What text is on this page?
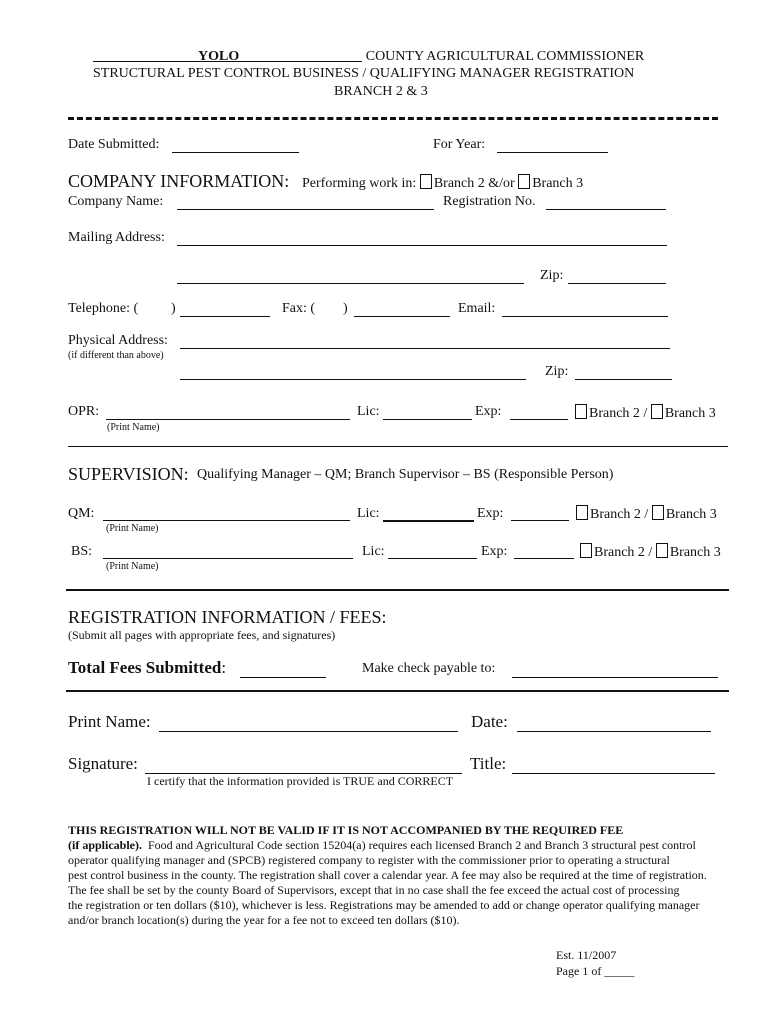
YOLO	COUNTY AGRICULTURAL COMMISSIONER
STRUCTURAL PEST CONTROL BUSINESS / QUALIFYING MANAGER REGISTRATION
BRANCH 2 & 3
Date Submitted:	For Year:
COMPANY INFORMATION: Performing work in: Branch 2 &/or Branch 3
Company Name:	Registration No.
Mailing Address:
Zip:
Telephone: ( )	Fax: ( )	Email:
Physical Address:
(if different than above)
Zip:
OPR:
(Print Name)
Lic:	Exp:	Branch 2 / Branch 3
SUPERVISION: Qualifying Manager – QM; Branch Supervisor – BS (Responsible Person)
QM:
(Print Name)
Lic:	Exp:	Branch 2 / Branch 3
BS:
(Print Name)
Lic:	Exp:	Branch 2 / Branch 3
REGISTRATION INFORMATION / FEES:
(Submit all pages with appropriate fees, and signatures)
Total Fees Submitted:	Make check payable to:
Print Name:	Date:
Signature:	Title:
I certify that the information provided is TRUE and CORRECT

THIS REGISTRATION WILL NOT BE VALID IF IT IS NOT ACCOMPANIED BY THE REQUIRED FEE

(if applicable). Food and Agricultural Code section 15204(a) requires each licensed Branch 2 and Branch 3 structural pest control

operator qualifying manager and (SPCB) registered company to register with the commissioner prior to operating a structural

pest control business in the county. The registration shall cover a calendar year. A fee may also be required at the time of registration.

The fee shall be set by the county Board of Supervisors, except that in no case shall the fee exceed the actual cost of processing

the registration or ten dollars ($10), whichever is less. Registrations may be amended to add or change operator qualifying manager

and/or branch location(s) during the year for a fee not to exceed ten dollars ($10).

Est. 11/2007
Page 1 of _____
